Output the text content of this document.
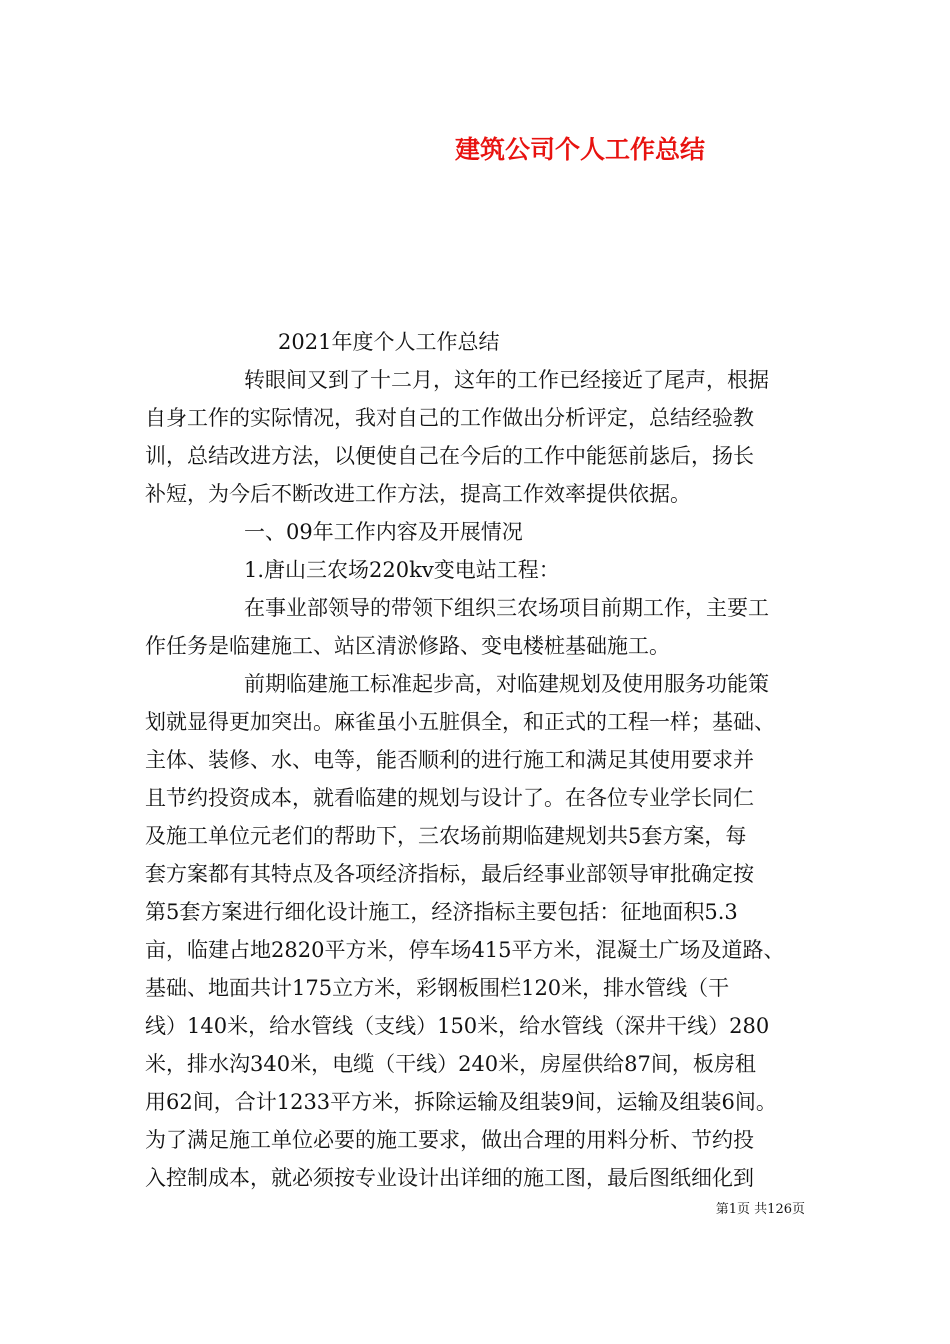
建筑公司个人工作总结
2021年度个人工作总结
转眼间又到了十二月，这年的工作已经接近了尾声，根据
自身工作的实际情况，我对自己的工作做出分析评定，总结经验教
训，总结改进方法，以便使自己在今后的工作中能惩前毖后，扬长
补短，为今后不断改进工作方法，提高工作效率提供依据。
一、09年工作内容及开展情况
1.唐山三农场220kv变电站工程：
在事业部领导的带领下组织三农场项目前期工作，主要工
作任务是临建施工、站区清淤修路、变电楼桩基础施工。
前期临建施工标准起步高，对临建规划及使用服务功能策
划就显得更加突出。麻雀虽小五脏俱全，和正式的工程一样；基础、
主体、装修、水、电等，能否顺利的进行施工和满足其使用要求并
且节约投资成本，就看临建的规划与设计了。在各位专业学长同仁
及施工单位元老们的帮助下，三农场前期临建规划共5套方案，每
套方案都有其特点及各项经济指标，最后经事业部领导审批确定按
第5套方案进行细化设计施工，经济指标主要包括：征地面积5.3
亩，临建占地2820平方米，停车场415平方米，混凝土广场及道路、
基础、地面共计175立方米，彩钢板围栏120米，排水管线（干
线）140米，给水管线（支线）150米，给水管线（深井干线）280
米，排水沟340米，电缆（干线）240米，房屋供给87间，板房租
用62间，合计1233平方米，拆除运输及组装9间，运输及组装6间。
为了满足施工单位必要的施工要求，做出合理的用料分析、节约投
入控制成本，就必须按专业设计出详细的施工图，最后图纸细化到
第1页 共126页
